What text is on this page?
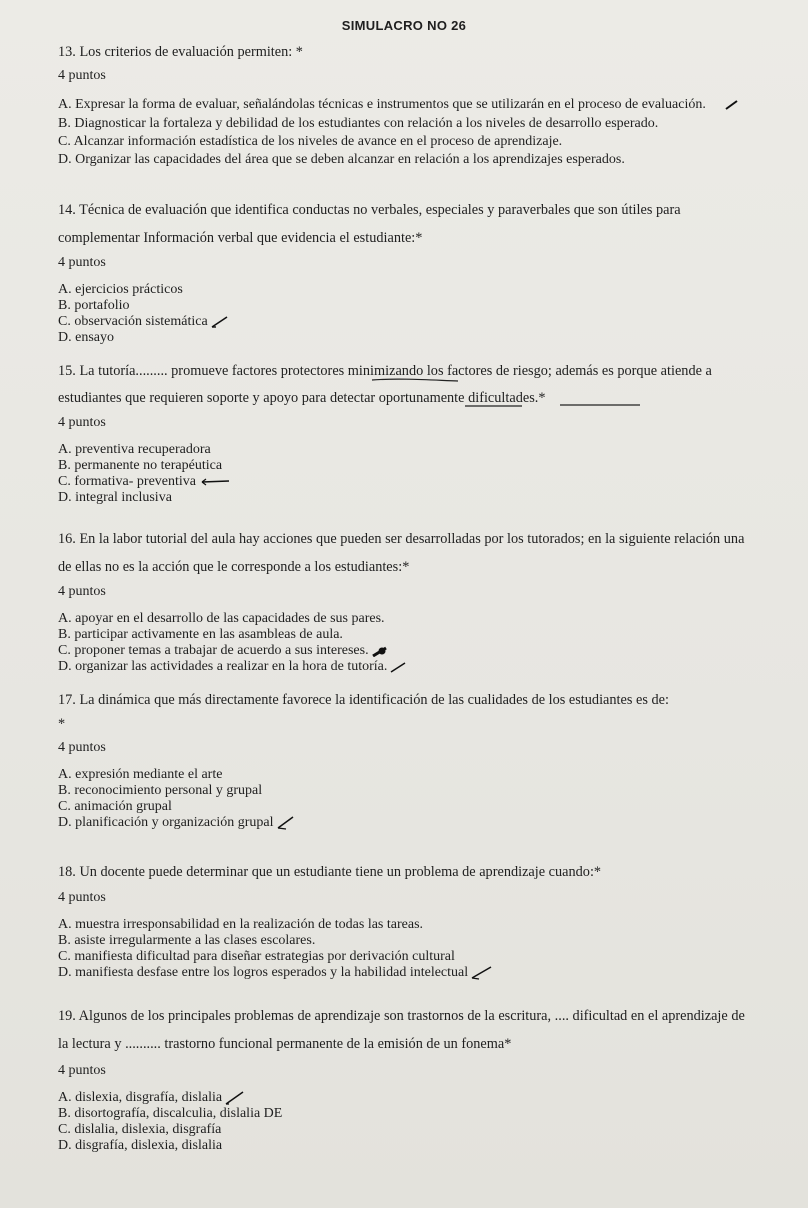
SIMULACRO NO 26

13. Los criterios de evaluación permiten: *

4 puntos

A. Expresar la forma de evaluar, señalándolas técnicas e instrumentos que se utilizarán en el proceso de evaluación.

B. Diagnosticar la fortaleza y debilidad de los estudiantes con relación a los niveles de desarrollo esperado.

C. Alcanzar información estadística de los niveles de avance en el proceso de aprendizaje.

D. Organizar las capacidades del área que se deben alcanzar en relación a los aprendizajes esperados.

14. Técnica de evaluación que identifica conductas no verbales, especiales y paraverbales que son útiles para complementar Información verbal que evidencia el estudiante:*

4 puntos

A. ejercicios prácticos

B. portafolio

C. observación sistemática

D. ensayo

15. La tutoría......... promueve factores protectores minimizando los factores de riesgo; además es porque atiende a estudiantes que requieren soporte y apoyo para detectar oportunamente dificultades.*

4 puntos

A. preventiva recuperadora

B. permanente no terapéutica

C. formativa- preventiva

D. integral inclusiva

16. En la labor tutorial del aula hay acciones que pueden ser desarrolladas por los tutorados; en la siguiente relación una de ellas no es la acción que le corresponde a los estudiantes:*

4 puntos

A. apoyar en el desarrollo de las capacidades de sus pares.

B. participar activamente en las asambleas de aula.

C. proponer temas a trabajar de acuerdo a sus intereses.

D. organizar las actividades a realizar en la hora de tutoría.

17. La dinámica que más directamente favorece la identificación de las cualidades de los estudiantes es de:

*

4 puntos

A. expresión mediante el arte

B. reconocimiento personal y grupal

C. animación grupal

D. planificación y organización grupal

18. Un docente puede determinar que un estudiante tiene un problema de aprendizaje cuando:*

4 puntos

A. muestra irresponsabilidad en la realización de todas las tareas.

B. asiste irregularmente a las clases escolares.

C. manifiesta dificultad para diseñar estrategias por derivación cultural

D. manifiesta desfase entre los logros esperados y la habilidad intelectual

19. Algunos de los principales problemas de aprendizaje son trastornos de la escritura, .... dificultad en el aprendizaje de la lectura y .......... trastorno funcional permanente de la emisión de un fonema*

4 puntos

A. dislexia, disgrafía, dislalia

B. disortografía, discalculia, dislalia DE

C. dislalia, dislexia, disgrafía

D. disgrafía, dislexia, dislalia
